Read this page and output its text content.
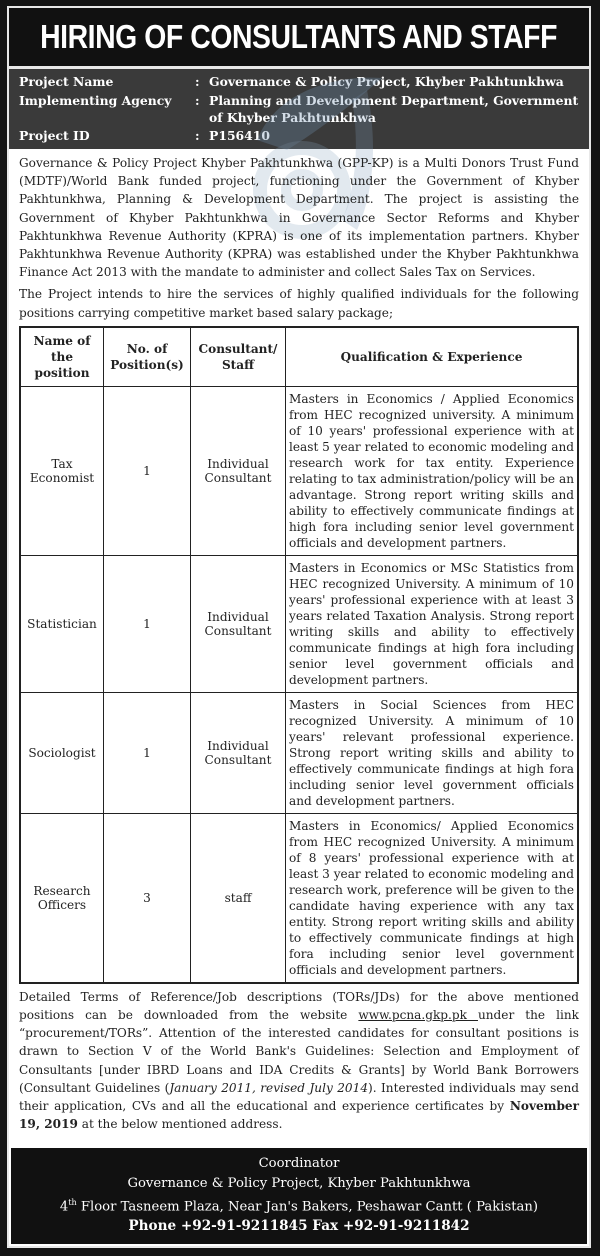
HIRING OF CONSULTANTS AND STAFF
Project Name	: Governance & Policy Project, Khyber Pakhtunkhwa
Implementing Agency	: Planning and Development Department, Government of Khyber Pakhtunkhwa
Project ID	: P156410

Governance & Policy Project Khyber Pakhtunkhwa (GPP-KP) is a Multi Donors Trust Fund (MDTF)/World Bank funded project, functioning under the Government of Khyber Pakhtunkhwa, Planning & Development Department. The project is assisting the Government of Khyber Pakhtunkhwa in Governance Sector Reforms and Khyber Pakhtunkhwa Revenue Authority (KPRA) is one of its implementation partners. Khyber Pakhtunkhwa Revenue Authority (KPRA) was established under the Khyber Pakhtunkhwa Finance Act 2013 with the mandate to administer and collect Sales Tax on Services.

The Project intends to hire the services of highly qualified individuals for the following positions carrying competitive market based salary package;

Name of the position	No. of Position(s)	Consultant/ Staff	Qualification & Experience
Tax Economist	1	Individual Consultant	Masters in Economics / Applied Economics from HEC recognized university. A minimum of 10 years' professional experience with at least 5 year related to economic modeling and research work for tax entity. Experience relating to tax administration/policy will be an advantage. Strong report writing skills and ability to effectively communicate findings at high fora including senior level government officials and development partners.
Statistician	1	Individual Consultant	Masters in Economics or MSc Statistics from HEC recognized University. A minimum of 10 years' professional experience with at least 3 years related Taxation Analysis. Strong report writing skills and ability to effectively communicate findings at high fora including senior level government officials and development partners.
Sociologist	1	Individual Consultant	Masters in Social Sciences from HEC recognized University. A minimum of 10 years' relevant professional experience. Strong report writing skills and ability to effectively communicate findings at high fora including senior level government officials and development partners.
Research Officers	3	staff	Masters in Economics/ Applied Economics from HEC recognized University. A minimum of 8 years' professional experience with at least 3 year related to economic modeling and research work, preference will be given to the candidate having experience with any tax entity. Strong report writing skills and ability to effectively communicate findings at high fora including senior level government officials and development partners.

Detailed Terms of Reference/Job descriptions (TORs/JDs) for the above mentioned positions can be downloaded from the website www.pcna.gkp.pk under the link “procurement/TORs”. Attention of the interested candidates for consultant positions is drawn to Section V of the World Bank's Guidelines: Selection and Employment of Consultants [under IBRD Loans and IDA Credits & Grants] by World Bank Borrowers (Consultant Guidelines (January 2011, revised July 2014). Interested individuals may send their application, CVs and all the educational and experience certificates by November 19, 2019 at the below mentioned address.

Coordinator
Governance & Policy Project, Khyber Pakhtunkhwa
4th Floor Tasneem Plaza, Near Jan's Bakers, Peshawar Cantt ( Pakistan)
Phone +92-91-9211845 Fax +92-91-9211842
